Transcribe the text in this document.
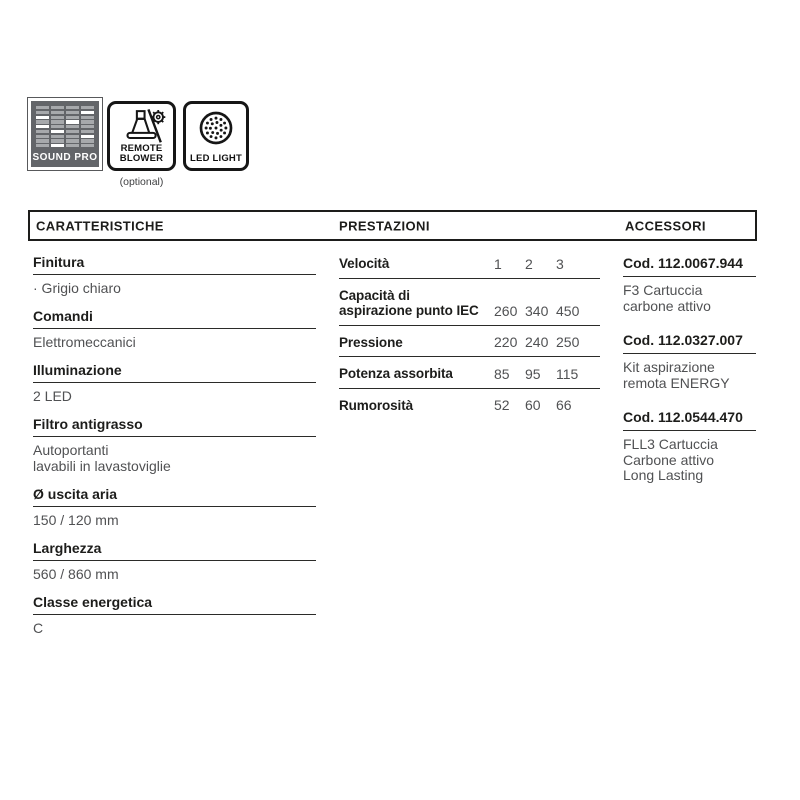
SOUND PRO
REMOTE
BLOWER	LED LIGHT
(optional)
CARATTERISTICHE	PRESTAZIONI	ACCESSORI
Finitura
· Grigio chiaro
Comandi
Elettromeccanici
Illuminazione
2 LED
Filtro antigrasso
Autoportanti
lavabili in lavastoviglie
Ø uscita aria
150 / 120 mm
Larghezza
560 / 860 mm
Classe energetica
C
Velocità	1	2	3
Capacità di
aspirazione punto IEC	260 340 450
Pressione	220 240 250
Potenza assorbita	85	95	115
Rumorosità	52	60	66
Cod. 112.0067.944
F3 Cartuccia
carbone attivo
Cod. 112.0327.007
Kit aspirazione
remota ENERGY
Cod. 112.0544.470
FLL3 Cartuccia
Carbone attivo
Long Lasting
